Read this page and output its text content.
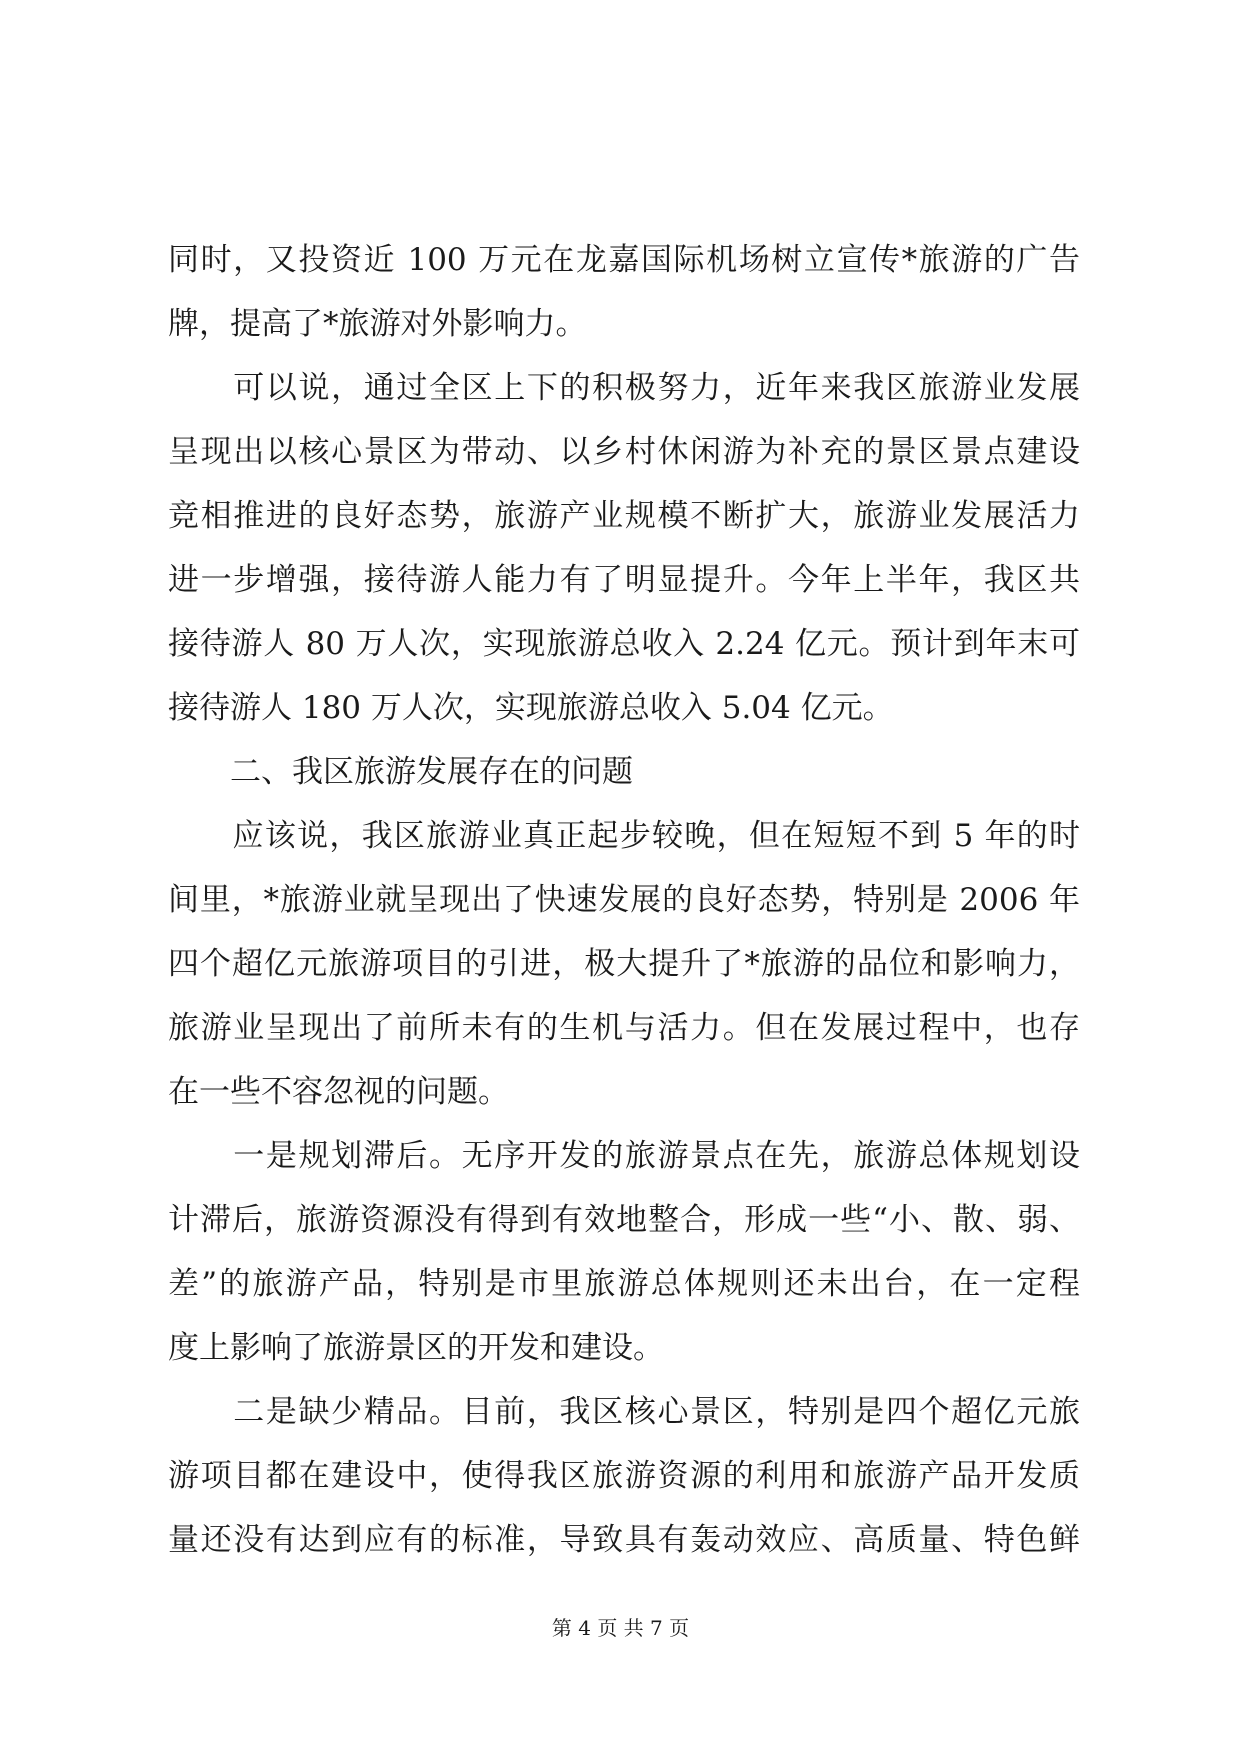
同时，又投资近 100 万元在龙嘉国际机场树立宣传*旅游的广告
牌，提高了*旅游对外影响力。
　　可以说，通过全区上下的积极努力，近年来我区旅游业发展
呈现出以核心景区为带动、以乡村休闲游为补充的景区景点建设
竞相推进的良好态势，旅游产业规模不断扩大，旅游业发展活力
进一步增强，接待游人能力有了明显提升。今年上半年，我区共
接待游人 80 万人次，实现旅游总收入 2.24 亿元。预计到年末可
接待游人 180 万人次，实现旅游总收入 5.04 亿元。
　　二、我区旅游发展存在的问题
　　应该说，我区旅游业真正起步较晚，但在短短不到 5 年的时
间里，*旅游业就呈现出了快速发展的良好态势，特别是 2006 年
四个超亿元旅游项目的引进，极大提升了*旅游的品位和影响力，
旅游业呈现出了前所未有的生机与活力。但在发展过程中，也存
在一些不容忽视的问题。
　　一是规划滞后。无序开发的旅游景点在先，旅游总体规划设
计滞后，旅游资源没有得到有效地整合，形成一些“小、散、弱、
差”的旅游产品，特别是市里旅游总体规则还未出台，在一定程
度上影响了旅游景区的开发和建设。
　　二是缺少精品。目前，我区核心景区，特别是四个超亿元旅
游项目都在建设中，使得我区旅游资源的利用和旅游产品开发质
量还没有达到应有的标准，导致具有轰动效应、高质量、特色鲜
第 4 页 共 7 页
